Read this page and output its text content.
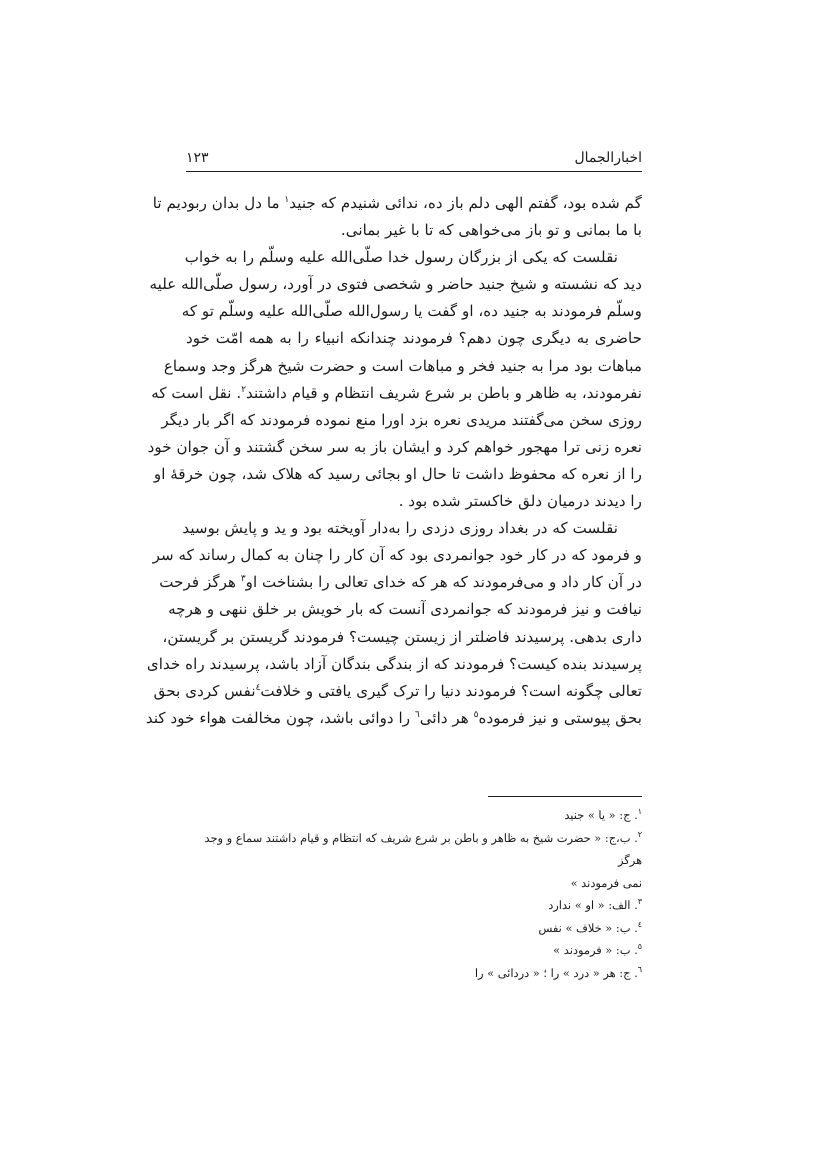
اخبارالجمال
۱۲۳
گم شده بود، گفتم الهی دلم باز ده، ندائی شنیدم که جنید$^۱$ ما دل بدان ربودیم تا
با ما بمانی و تو باز می‌خواهی که تا با غیر بمانی.
نقلست که یکی از بزرگان رسول خدا صلّی‌الله علیه وسلّم را به خواب
دید که نشسته و شیخ جنید حاضر و شخصی فتوی در آورد، رسول صلّی‌الله علیه
وسلّم فرمودند به جنید ده، او گفت یا رسول‌الله صلّی‌الله علیه وسلّم تو که
حاضری به دیگری چون دهم؟ فرمودند چندانکه انبیاء را به همه امّت خود
مباهات بود مرا به جنید فخر و مباهات است و حضرت شیخ هرگز وجد وسماع
نفرمودند، به ظاهر و باطن بر شرع شریف انتظام و قیام داشتند$^۲$. نقل است که
روزی سخن می‌گفتند مریدی نعره بزد اورا منع نموده فرمودند که اگر بار دیگر
نعره زنی ترا مهجور خواهم کرد و ایشان باز به سر سخن گشتند و آن جوان خود
را از نعره که محفوظ داشت تا حال او بجائی رسید که هلاک شد، چون خرقهٔ او
را دیدند درمیان دلق خاکستر شده بود .
نقلست که در بغداد روزی دزدی را به‌دار آویخته بود و ید و پایش بوسید
و فرمود که در کار خود جوانمردی بود که آن کار را چنان به کمال رساند که سر
در آن کار داد و می‌فرمودند که هر که خدای تعالی را بشناخت او$^۳$ هرگز فرحت
نیافت و نیز فرمودند که جوانمردی آنست که بار خویش بر خلق ننهی و هرچه
داری بدهی. پرسیدند فاضلتر از زیستن چیست؟ فرمودند گریستن بر گریستن،
پرسیدند بنده کیست؟ فرمودند که از بندگی بندگان آزاد باشد، پرسیدند راه خدای
تعالی چگونه است؟ فرمودند دنیا را ترک گیری یافتی و خلافت$^٤$نفس کردی بحق
بحق پیوستی و نیز فرموده$^٥$ هر دائی$^٦$ را دوائی باشد، چون مخالفت هواء خود کند
$^۱$. ج: « یا » جنید
$^۲$. ب،ج: « حضرت شیخ به ظاهر و باطن بر شرع شریف که انتظام و قیام داشتند سماع و وجد هرگز
نمی فرمودند »
$^۳$. الف: « او » ندارد
$^٤$. ب: « خلاف » نفس
$^٥$. ب: « فرمودند »
$^٦$. ج: هر « درد » را ؛ « دردائی » را
